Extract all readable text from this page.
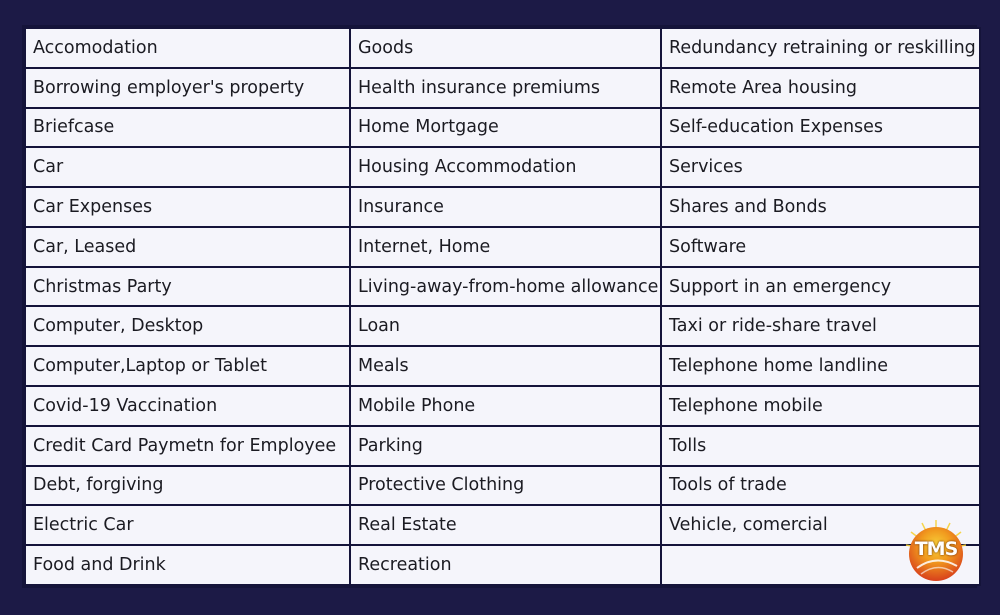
Accomodation	Goods	Redundancy retraining or reskilling
Borrowing employer's property	Health insurance premiums	Remote Area housing
Briefcase	Home Mortgage	Self-education Expenses
Car	Housing Accommodation	Services
Car Expenses	Insurance	Shares and Bonds
Car, Leased	Internet, Home	Software
Christmas Party	Living-away-from-home allowance	Support in an emergency
Computer, Desktop	Loan	Taxi or ride-share travel
Computer,Laptop or Tablet	Meals	Telephone home landline
Covid-19 Vaccination	Mobile Phone	Telephone mobile
Credit Card Paymetn for Employee	Parking	Tolls
Debt, forgiving	Protective Clothing	Tools of trade
Electric Car	Real Estate	Vehicle, comercial
Food and Drink	Recreation	
TMS
